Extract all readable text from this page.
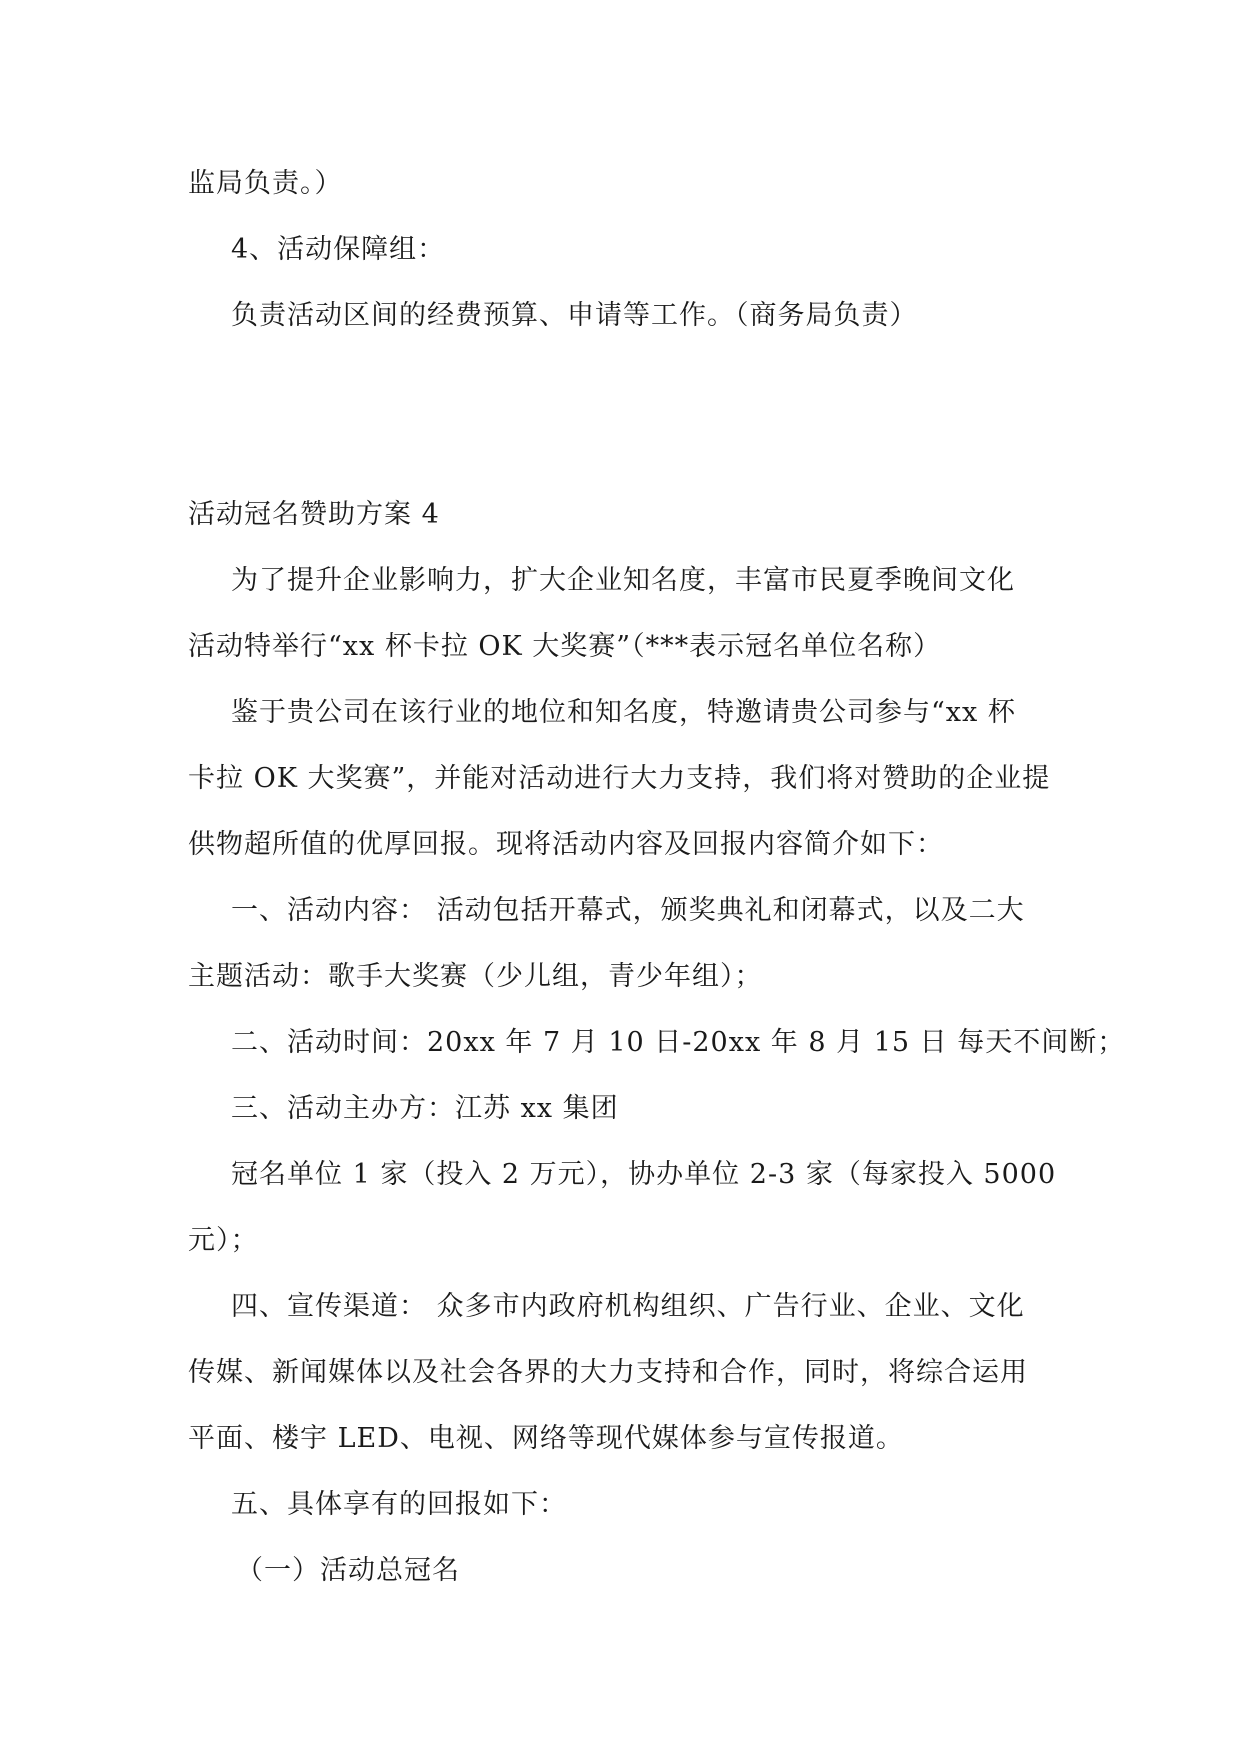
监局负责。）
4、活动保障组：
负责活动区间的经费预算、申请等工作。（商务局负责）
活动冠名赞助方案 4
为了提升企业影响力，扩大企业知名度，丰富市民夏季晚间文化
活动特举行“xx 杯卡拉 OK 大奖赛”（***表示冠名单位名称）
鉴于贵公司在该行业的地位和知名度，特邀请贵公司参与“xx 杯
卡拉 OK 大奖赛”，并能对活动进行大力支持，我们将对赞助的企业提
供物超所值的优厚回报。现将活动内容及回报内容简介如下：
一、活动内容： 活动包括开幕式，颁奖典礼和闭幕式，以及二大
主题活动：歌手大奖赛（少儿组，青少年组）；
二、活动时间：20xx 年 7 月 10 日-20xx 年 8 月 15 日 每天不间断；
三、活动主办方：江苏 xx 集团
冠名单位 1 家（投入 2 万元），协办单位 2-3 家（每家投入 5000
元）；
四、宣传渠道： 众多市内政府机构组织、广告行业、企业、文化
传媒、新闻媒体以及社会各界的大力支持和合作，同时，将综合运用
平面、楼宇 LED、电视、网络等现代媒体参与宣传报道。
五、具体享有的回报如下：
（一）活动总冠名
